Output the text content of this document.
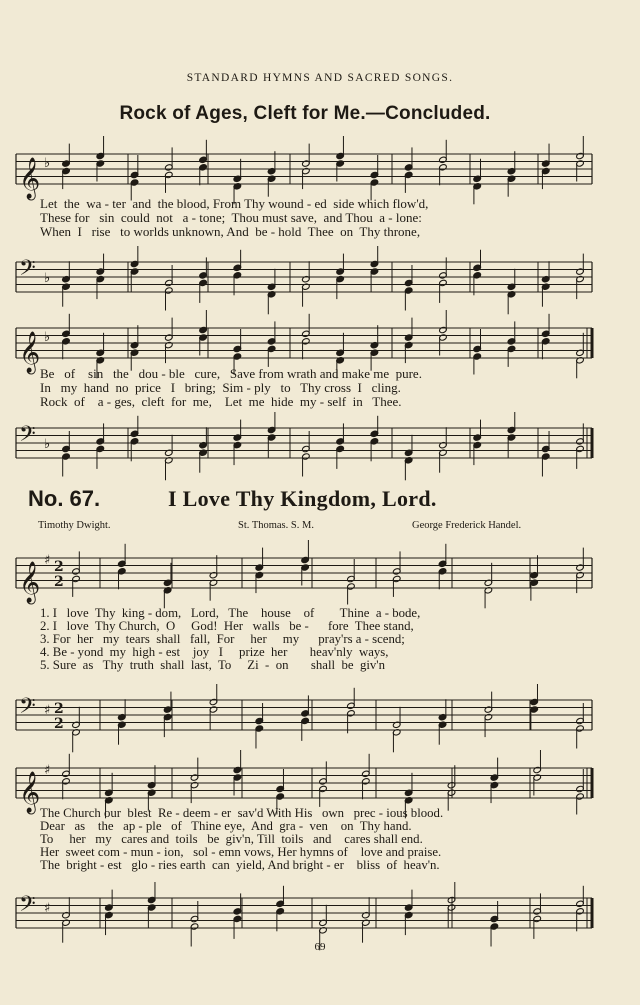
STANDARD HYMNS AND SACRED SONGS.
Rock of Ages, Cleft for Me.—Concluded.
𝄞 ♭
Let  the  wa - ter  and  the blood, From Thy wound - ed  side which flow'd,
These for   sin  could  not   a - tone;  Thou must save,  and Thou  a - lone:
When  I   rise   to worlds unknown, And  be - hold  Thee  on  Thy throne,
𝄢 ♭
𝄞 ♭
Be   of    sin   the   dou - ble   cure,   Save from wrath and make me  pure.
In   my  hand  no  price   I   bring;  Sim - ply   to   Thy cross  I   cling.
Rock  of    a - ges,  cleft  for  me,    Let  me  hide  my - self  in   Thee.
𝄢 ♭
No. 67.	I Love Thy Kingdom, Lord.
Timothy Dwight.	St. Thomas. S. M.	George Frederick Handel.
𝄞
♯ 2
2
1. I   love  Thy  king - dom,   Lord,   The    house    of        Thine  a - bode,
2. I   love  Thy Church,  O     God!  Her   walls   be -      fore  Thee stand,
3. For  her   my  tears  shall   fall,  For     her     my      pray'rs a - scend;
4. Be - yond  my  high - est    joy   I     prize  her       heav'nly  ways,
5. Sure  as   Thy  truth  shall  last,  To     Zi  -  on       shall  be  giv'n
𝄢 ♯ 2
2
𝄞
♯
The Church our  blest  Re - deem - er  sav'd With His   own   prec - ious blood.
Dear   as    the   ap - ple   of   Thine eye,  And  gra -  ven    on  Thy hand.
To     her   my   cares and  toils   be  giv'n, Till  toils   and    cares shall end.
Her  sweet com - mun - ion,   sol - emn vows, Her hymns of    love and praise.
The  bright - est   glo - ries earth  can  yield, And bright - er    bliss  of  heav'n.
𝄢 ♯
69
